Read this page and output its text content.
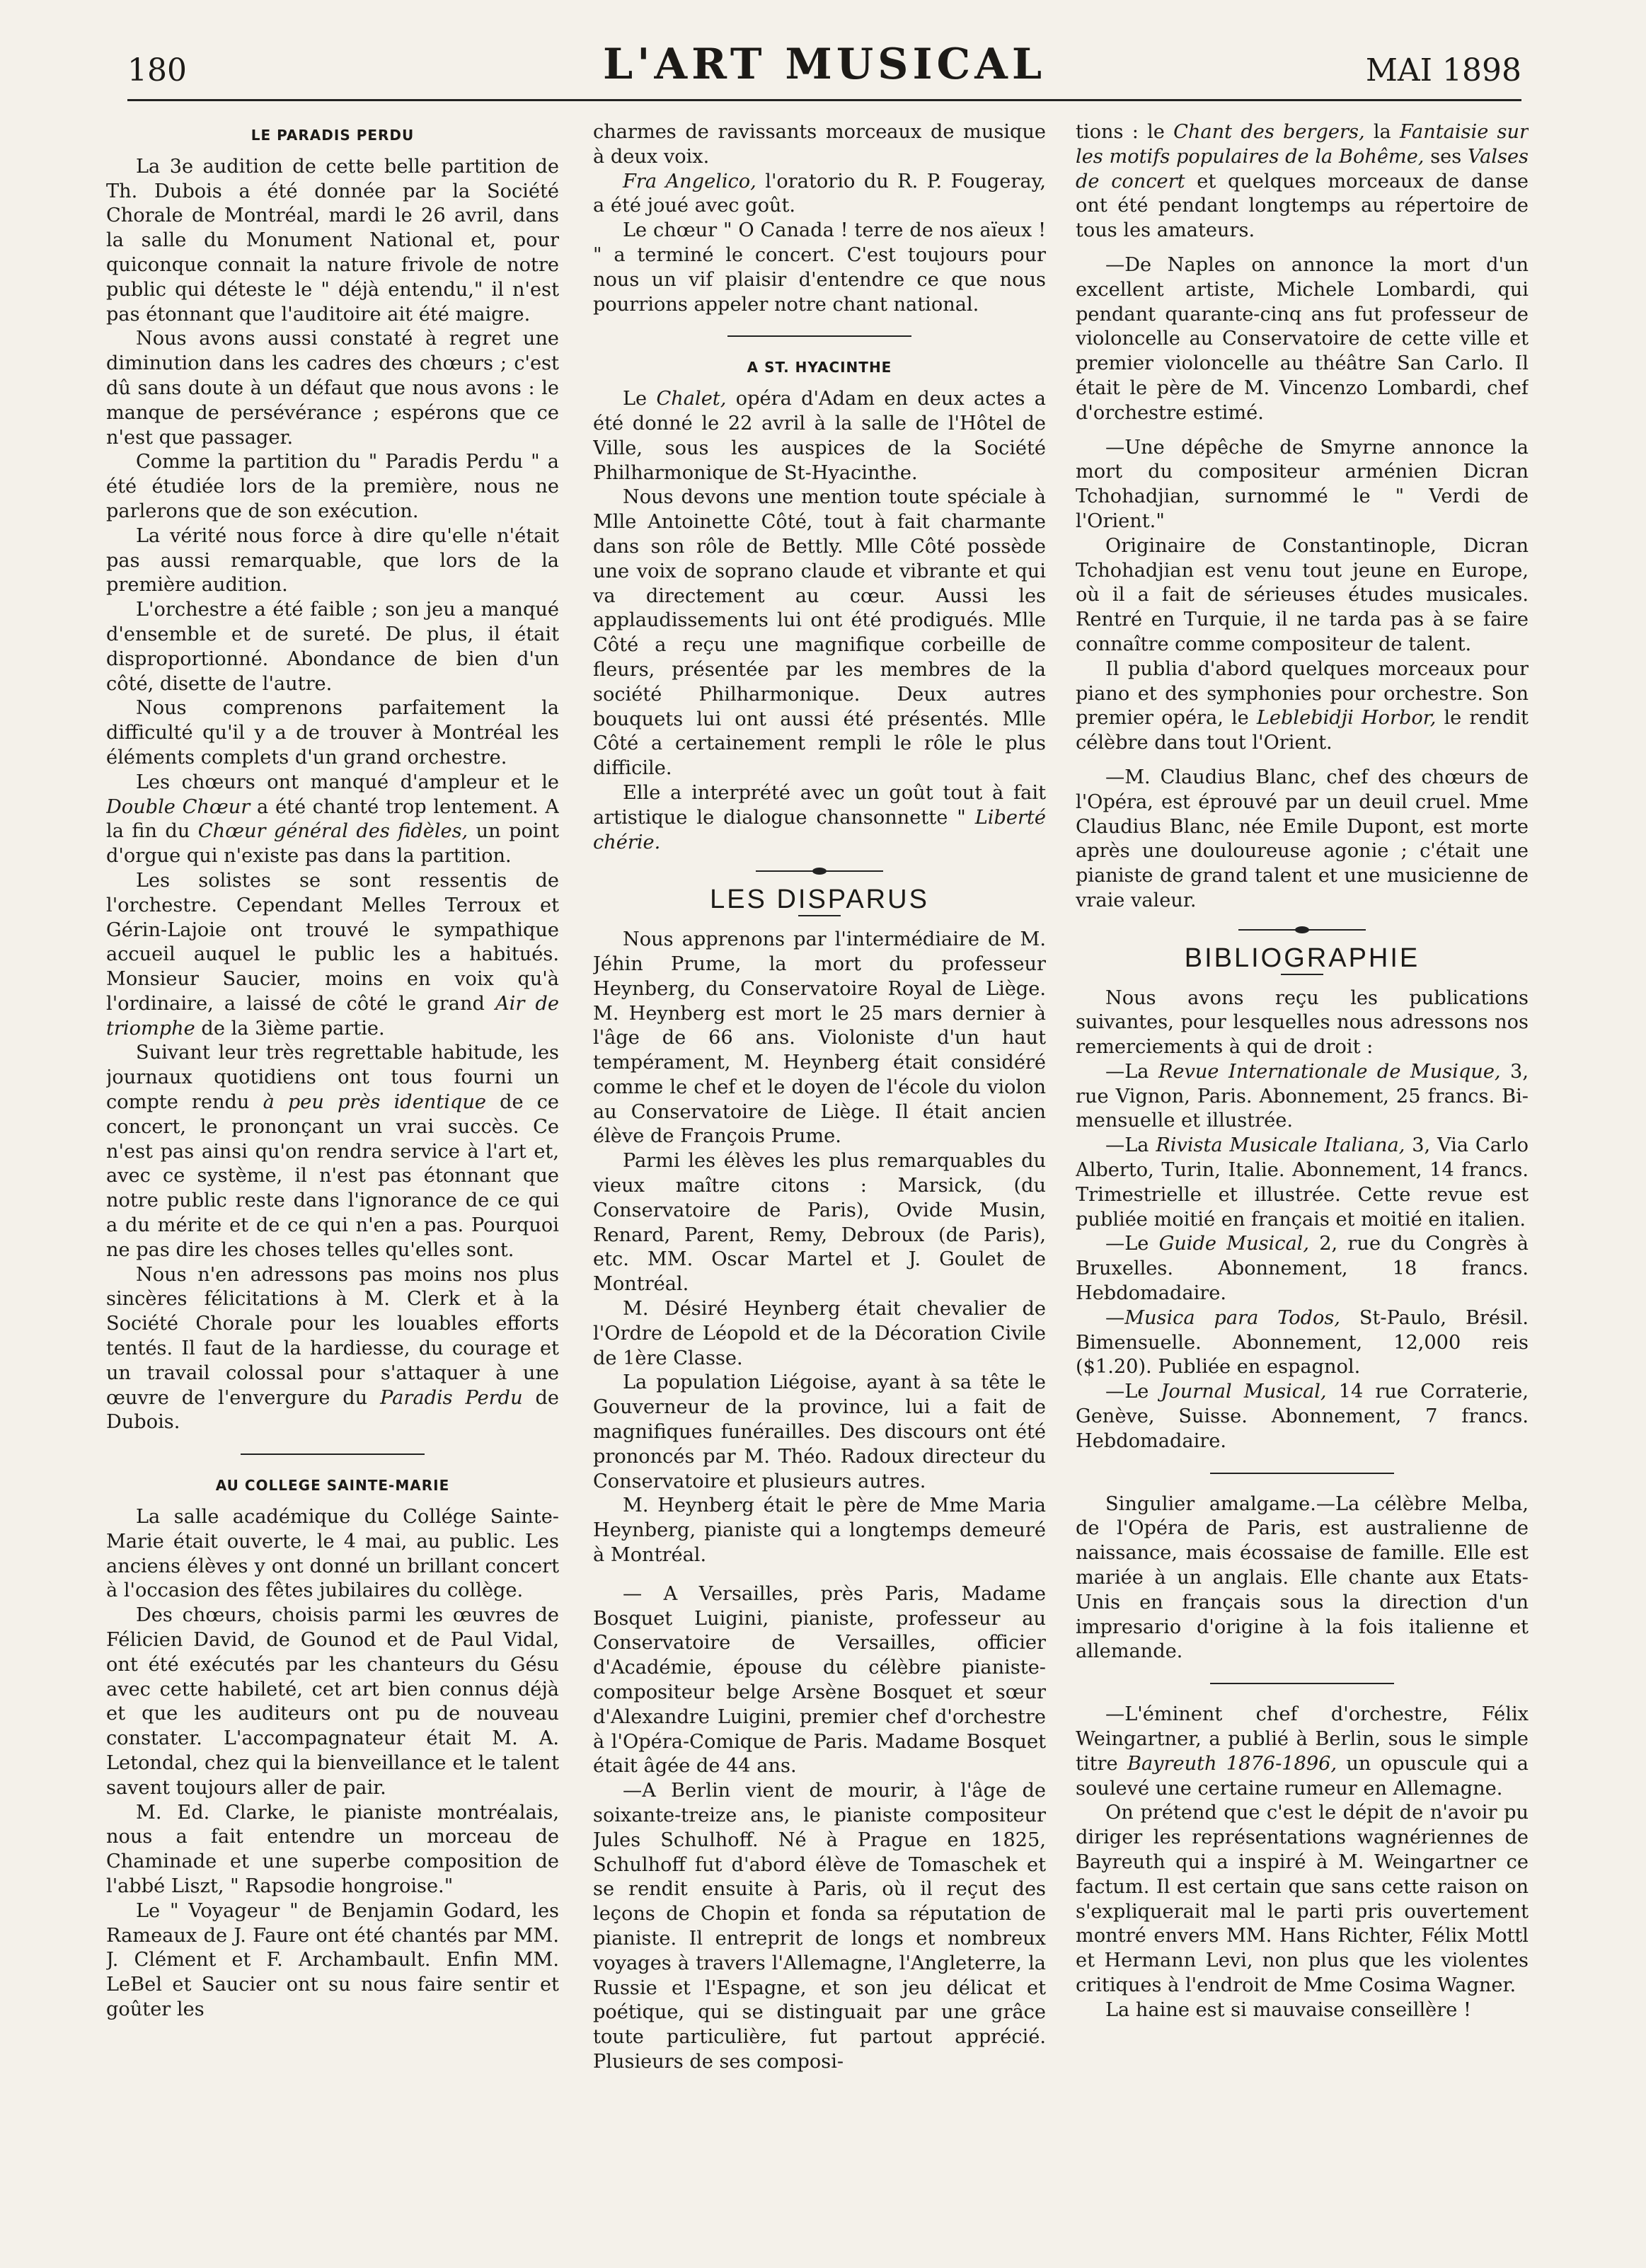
180	L'ART MUSICAL	MAI 1898
LE PARADIS PERDU

La 3e audition de cette belle partition de Th. Dubois a été donnée par la Société Chorale de Montréal, mardi le 26 avril, dans la salle du Monument National et, pour quiconque connait la nature frivole de notre public qui déteste le " déjà entendu," il n'est pas étonnant que l'auditoire ait été maigre.

Nous avons aussi constaté à regret une diminution dans les cadres des chœurs ; c'est dû sans doute à un défaut que nous avons : le manque de persévérance ; espérons que ce n'est que passager.

Comme la partition du " Paradis Perdu " a été étudiée lors de la première, nous ne parlerons que de son exécution.

La vérité nous force à dire qu'elle n'était pas aussi remarquable, que lors de la première audition.

L'orchestre a été faible ; son jeu a manqué d'ensemble et de sureté. De plus, il était disproportionné. Abondance de bien d'un côté, disette de l'autre.

Nous comprenons parfaitement la difficulté qu'il y a de trouver à Montréal les éléments complets d'un grand orchestre.

Les chœurs ont manqué d'ampleur et le Double Chœur a été chanté trop lentement. A la fin du Chœur général des fidèles, un point d'orgue qui n'existe pas dans la partition.

Les solistes se sont ressentis de l'orchestre. Cependant Melles Terroux et Gérin-Lajoie ont trouvé le sympathique accueil auquel le public les a habitués. Monsieur Saucier, moins en voix qu'à l'ordinaire, a laissé de côté le grand Air de triomphe de la 3ième partie.

Suivant leur très regrettable habitude, les journaux quotidiens ont tous fourni un compte rendu à peu près identique de ce concert, le prononçant un vrai succès. Ce n'est pas ainsi qu'on rendra service à l'art et, avec ce système, il n'est pas étonnant que notre public reste dans l'ignorance de ce qui a du mérite et de ce qui n'en a pas. Pourquoi ne pas dire les choses telles qu'elles sont.

Nous n'en adressons pas moins nos plus sincères félicitations à M. Clerk et à la Société Chorale pour les louables efforts tentés. Il faut de la hardiesse, du courage et un travail colossal pour s'attaquer à une œuvre de l'envergure du Paradis Perdu de Dubois.

AU COLLEGE SAINTE-MARIE

La salle académique du Collége Sainte-Marie était ouverte, le 4 mai, au public. Les anciens élèves y ont donné un brillant concert à l'occasion des fêtes jubilaires du collège.

Des chœurs, choisis parmi les œuvres de Félicien David, de Gounod et de Paul Vidal, ont été exécutés par les chanteurs du Gésu avec cette habileté, cet art bien connus déjà et que les auditeurs ont pu de nouveau constater. L'accompagnateur était M. A. Letondal, chez qui la bienveillance et le talent savent toujours aller de pair.

M. Ed. Clarke, le pianiste montréalais, nous a fait entendre un morceau de Chaminade et une superbe composition de l'abbé Liszt, " Rapsodie hongroise."

Le " Voyageur " de Benjamin Godard, les Rameaux de J. Faure ont été chantés par MM. J. Clément et F. Archambault. Enfin MM. LeBel et Saucier ont su nous faire sentir et goûter les

charmes de ravissants morceaux de musique à deux voix.

Fra Angelico, l'oratorio du R. P. Fougeray, a été joué avec goût.

Le chœur " O Canada ! terre de nos aïeux ! " a terminé le concert. C'est toujours pour nous un vif plaisir d'entendre ce que nous pourrions appeler notre chant national.

A ST. HYACINTHE

Le Chalet, opéra d'Adam en deux actes a été donné le 22 avril à la salle de l'Hôtel de Ville, sous les auspices de la Société Philharmonique de St-Hyacinthe.

Nous devons une mention toute spéciale à Mlle Antoinette Côté, tout à fait charmante dans son rôle de Bettly. Mlle Côté possède une voix de soprano claude et vibrante et qui va directement au cœur. Aussi les applaudissements lui ont été prodigués. Mlle Côté a reçu une magnifique corbeille de fleurs, présentée par les membres de la société Philharmonique. Deux autres bouquets lui ont aussi été présentés. Mlle Côté a certainement rempli le rôle le plus difficile.

Elle a interprété avec un goût tout à fait artistique le dialogue chansonnette " Liberté chérie.

LES DISPARUS

Nous apprenons par l'intermédiaire de M. Jéhin Prume, la mort du professeur Heynberg, du Conservatoire Royal de Liège. M. Heynberg est mort le 25 mars dernier à l'âge de 66 ans. Violoniste d'un haut tempérament, M. Heynberg était considéré comme le chef et le doyen de l'école du violon au Conservatoire de Liège. Il était ancien élève de François Prume.

Parmi les élèves les plus remarquables du vieux maître citons : Marsick, (du Conservatoire de Paris), Ovide Musin, Renard, Parent, Remy, Debroux (de Paris), etc. MM. Oscar Martel et J. Goulet de Montréal.

M. Désiré Heynberg était chevalier de l'Ordre de Léopold et de la Décoration Civile de 1ère Classe.

La population Liégoise, ayant à sa tête le Gouverneur de la province, lui a fait de magnifiques funérailles. Des discours ont été prononcés par M. Théo. Radoux directeur du Conservatoire et plusieurs autres.

M. Heynberg était le père de Mme Maria Heynberg, pianiste qui a longtemps demeuré à Montréal.

— A Versailles, près Paris, Madame Bosquet Luigini, pianiste, professeur au Conservatoire de Versailles, officier d'Académie, épouse du célèbre pianiste-compositeur belge Arsène Bosquet et sœur d'Alexandre Luigini, premier chef d'orchestre à l'Opéra-Comique de Paris. Madame Bosquet était âgée de 44 ans.

—A Berlin vient de mourir, à l'âge de soixante-treize ans, le pianiste compositeur Jules Schulhoff. Né à Prague en 1825, Schulhoff fut d'abord élève de Tomaschek et se rendit ensuite à Paris, où il reçut des leçons de Chopin et fonda sa réputation de pianiste. Il entreprit de longs et nombreux voyages à travers l'Allemagne, l'Angleterre, la Russie et l'Espagne, et son jeu délicat et poétique, qui se distinguait par une grâce toute particulière, fut partout apprécié. Plusieurs de ses composi-

tions : le Chant des bergers, la Fantaisie sur les motifs populaires de la Bohême, ses Valses de concert et quelques morceaux de danse ont été pendant longtemps au répertoire de tous les amateurs.

—De Naples on annonce la mort d'un excellent artiste, Michele Lombardi, qui pendant quarante-cinq ans fut professeur de violoncelle au Conservatoire de cette ville et premier violoncelle au théâtre San Carlo. Il était le père de M. Vincenzo Lombardi, chef d'orchestre estimé.

—Une dépêche de Smyrne annonce la mort du compositeur arménien Dicran Tchohadjian, surnommé le " Verdi de l'Orient."

Originaire de Constantinople, Dicran Tchohadjian est venu tout jeune en Europe, où il a fait de sérieuses études musicales. Rentré en Turquie, il ne tarda pas à se faire connaître comme compositeur de talent.

Il publia d'abord quelques morceaux pour piano et des symphonies pour orchestre. Son premier opéra, le Leblebidji Horbor, le rendit célèbre dans tout l'Orient.

—M. Claudius Blanc, chef des chœurs de l'Opéra, est éprouvé par un deuil cruel. Mme Claudius Blanc, née Emile Dupont, est morte après une douloureuse agonie ; c'était une pianiste de grand talent et une musicienne de vraie valeur.

BIBLIOGRAPHIE

Nous avons reçu les publications suivantes, pour lesquelles nous adressons nos remerciements à qui de droit :

—La Revue Internationale de Musique, 3, rue Vignon, Paris. Abonnement, 25 francs. Bi-mensuelle et illustrée.

—La Rivista Musicale Italiana, 3, Via Carlo Alberto, Turin, Italie. Abonnement, 14 francs. Trimestrielle et illustrée. Cette revue est publiée moitié en français et moitié en italien.

—Le Guide Musical, 2, rue du Congrès à Bruxelles. Abonnement, 18 francs. Hebdomadaire.

—Musica para Todos, St-Paulo, Brésil. Bimensuelle. Abonnement, 12,000 reis ($1.20). Publiée en espagnol.

—Le Journal Musical, 14 rue Corraterie, Genève, Suisse. Abonnement, 7 francs. Hebdomadaire.

Singulier amalgame.—La célèbre Melba, de l'Opéra de Paris, est australienne de naissance, mais écossaise de famille. Elle est mariée à un anglais. Elle chante aux Etats-Unis en français sous la direction d'un impresario d'origine à la fois italienne et allemande.

—L'éminent chef d'orchestre, Félix Weingartner, a publié à Berlin, sous le simple titre Bayreuth 1876-1896, un opuscule qui a soulevé une certaine rumeur en Allemagne.

On prétend que c'est le dépit de n'avoir pu diriger les représentations wagnériennes de Bayreuth qui a inspiré à M. Weingartner ce factum. Il est certain que sans cette raison on s'expliquerait mal le parti pris ouvertement montré envers MM. Hans Richter, Félix Mottl et Hermann Levi, non plus que les violentes critiques à l'endroit de Mme Cosima Wagner.

La haine est si mauvaise conseillère !
